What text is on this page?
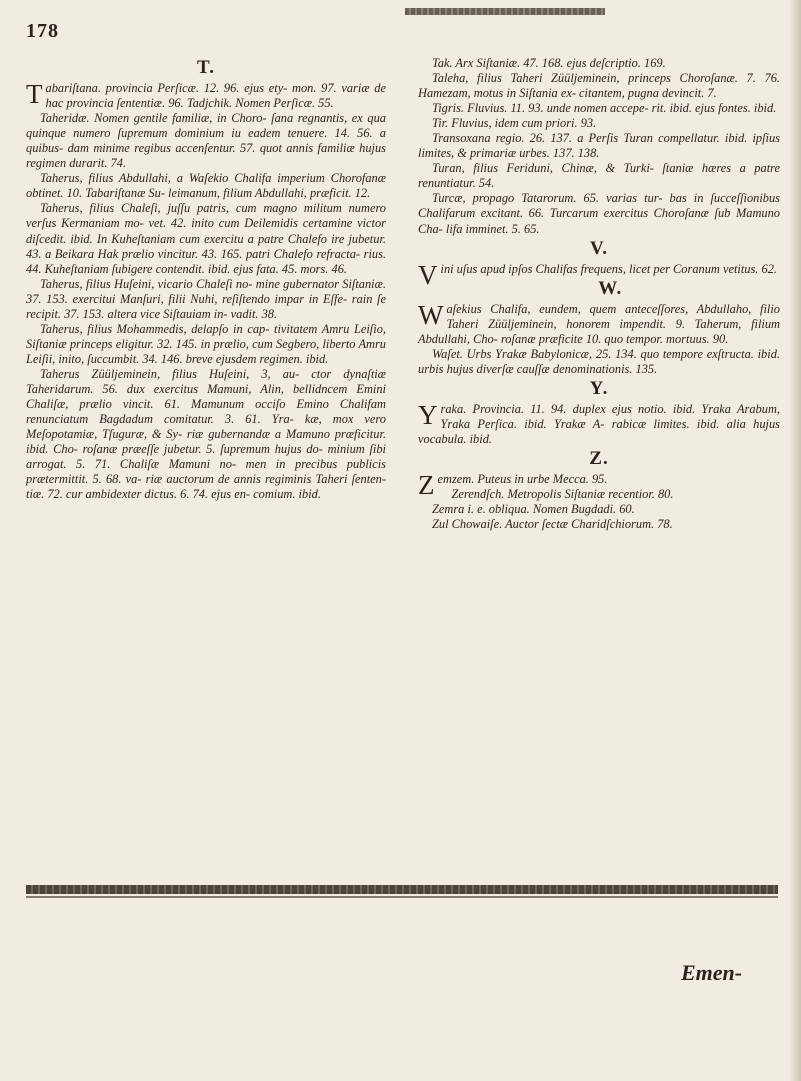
178
T.

Tabariſtana. provincia Perſicæ. 12. 96. ejus ety- mon. 97. variæ de hac provincia ſententiæ. 96. Tadjchik. Nomen Perſicæ. 55.

Taheridæ. Nomen gentile familiæ, in Choro- ſana regnantis, ex qua quinque numero ſupremum dominium iu eadem tenuere. 14. 56. a quibus- dam minime regibus accenſentur. 57. quot annis familiæ hujus regimen durarit. 74.

Taherus, filius Abdullahi, a Waſekio Chalifa imperium Chorofanæ obtinet. 10. Tabariſtanæ Su- leimanum, filium Abdullahi, præficit. 12.

Taherus, filius Chaleſi, juſſu patris, cum magno militum numero verſus Kermaniam mo- vet. 42. inito cum Deilemidis certamine victor diſcedit. ibid. In Kuheſtaniam cum exercitu a patre Chalefo ire jubetur. 43. a Beikara Hak prælio vincitur. 43. 165. patri Chalefo refracta- rius. 44. Kuheſtaniam ſubigere contendit. ibid. ejus fata. 45. mors. 46.

Taherus, filius Huſeini, vicario Chaleſi no- mine gubernator Siſtaniæ. 37. 153. exercitui Manſuri, filii Nuhi, reſiſtendo impar in Eſfe- rain ſe recipit. 37. 153. altera vice Siſtauiam in- vadit. 38.

Taherus, filius Mohammedis, delapſo in cap- tivitatem Amru Leiſio, Siſtaniæ princeps eligitur. 32. 145. in prælio, cum Segbero, liberto Amru Leiſii, inito, ſuccumbit. 34. 146. breve ejusdem regimen. ibid.

Taherus Züüljeminein, filius Huſeini, 3, au- ctor dynaſtiæ Taheridarum. 56. dux exercitus Mamuni, Alin, bellidncem Emini Chaliſæ, prælio vincit. 61. Mamunum occiſo Emino Chalifam renunciatum Bagdadum comitatur. 3. 61. Yra- kæ, mox vero Meſopotamiæ, Tſuguræ, & Sy- riæ gubernandæ a Mamuno præficitur. ibid. Cho- roſanæ præeſſe jubetur. 5. ſupremum hujus do- minium ſibi arrogat. 5. 71. Chaliſæ Mamuni no- men in precibus publicis prætermittit. 5. 68. va- riæ auctorum de annis regiminis Taheri ſenten- tiæ. 72. cur ambidexter dictus. 6. 74. ejus en- comium. ibid.

Tak. Arx Siſtaniæ. 47. 168. ejus deſcriptio. 169.

Taleha, filius Taheri Züüljeminein, princeps Choroſanæ. 7. 76. Hamezam, motus in Siſtania ex- citantem, pugna devincit. 7.

Tigris. Fluvius. 11. 93. unde nomen accepe- rit. ibid. ejus fontes. ibid.

Tir. Fluvius, idem cum priori. 93.

Transoxana regio. 26. 137. a Perſis Turan compellatur. ibid. ipſius limites, & primariæ urbes. 137. 138.

Turan, filius Feriduni, Chinæ, & Turki- ſtaniæ hæres a patre renuntiatur. 54.

Turcæ, propago Tatarorum. 65. varias tur- bas in ſucceſſionibus Chalifarum excitant. 66. Turcarum exercitus Choroſanæ ſub Mamuno Cha- lifa imminet. 5. 65.

V.

Vini uſus apud ipſos Chalifas frequens, licet per Coranum vetitus. 62.

W.

Waſekius Chalifa, eundem, quem anteceſſores, Abdullaho, filio Taheri Züüljeminein, honorem impendit. 9. Taherum, filium Abdullahi, Cho- roſanæ præficite 10. quo tempor. mortuus. 90.

Waſet. Urbs Yrakæ Babylonicæ, 25. 134. quo tempore exſtructa. ibid. urbis hujus diverſæ cauſſæ denominationis. 135.

Y.

Yraka. Provincia. 11. 94. duplex ejus notio. ibid. Yraka Arabum, Yraka Perſica. ibid. Yrakæ A- rabicæ limites. ibid. alia hujus vocabula. ibid.

Z.

Zemzem. Puteus in urbe Mecca. 95.

Zerendſch. Metropolis Siſtaniæ recentior. 80.

Zemra i. e. obliqua. Nomen Bugdadi. 60.

Zul Chowaiſe. Auctor ſectæ Charidſchiorum. 78.

Emen-
